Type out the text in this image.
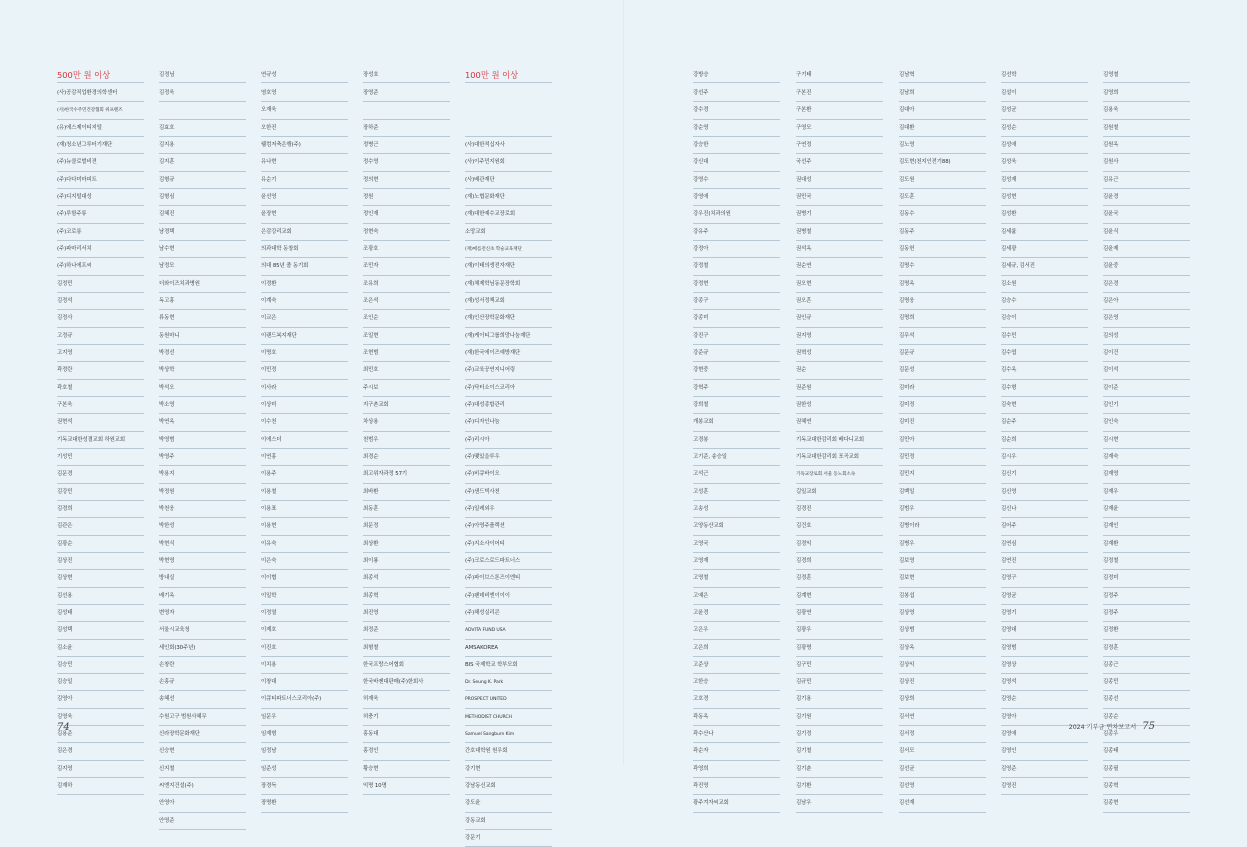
500만 원 이상
(사)공감직업환경의학센터
(사)한국수주민건강협회 위프렌즈
(유)에스제이티지털
(재)청소년그루터기재단
(주)뉴클로벌비젼
(주)다다미마피트
(주)디지털대성
(주)루함주류
(주)코로롱
(주)파마리서치
(주)하나에프씨
김정민
김정석
김정사
고정규
고지영
곽정란
곽호철
구본욱
권현석
기독교대한성결교회 하원교회
기성민
김문경
김강민
김경희
김관은
김광순
김상진
김상현
김선용
김성태
김성택
김소윤
김승민
김승일
김영아
김영욱
김용준
김은경
김지영
김재하
김정님
김정욱
김효호
김지용
김지훈
김형규
김형심
김혜진
남경택
남수현
남정모
더와이즈치과병원
독고홍
류동현
동원마니
박경선
박상학
박석오
박소영
박연옥
박영범
박영주
박용지
박정원
박천웅
박한성
박현식
박현영
방내실
배기옥
변영자
서울시교육청
세인회(30주년)
손창란
손홍규
송혜선
수원고구 범원사혜무
신라장학문화재단
신승현
신지철
씨엔지건설(주)
안영아
안영준
연규성
염호영
오재욱
오한진
웰컴저축은행(주)
유나현
유순기
윤선영
윤장현
은감강리교회
의과대학 동창회
의대 85년 졸 동기회
이경환
이계숙
이교은
이랜드복지재단
이명호
이민정
이사라
이상미
이수천
이에스더
이연홍
이용주
이용철
이용표
이용현
이유숙
이은숙
이이협
이일학
이정열
이제호
이진호
이치용
이창대
이큐티파트너스코리아(주)
임문우
임재형
임정남
임준성
장경득
장명환
장성호
장영준
장하준
정병근
정수영
정의현
정원
정인재
정현숙
조광호
조민자
조유희
조은석
조인순
조일현
조현범
최민호
주시보
지구촌교회
차상용
천범우
최경순
최고위자과정 57기
최바환
최동훈
최문정
최상환
최이룡
최종석
최종혁
최진영
최정준
최형철
한국프랑스어협회
한국바젠대판매(주)한회사
허재욱
허충기
홍동대
홍정인
황승현
익명 10명
100만 원 이상
(사)대한적십자사
(사)이주민지원회
(사)배관재단
(재)노협문화재단
(재)대한예수교장로회
소망교회
(재)메를전신초 학술교육재단
(재)이태의생전자재단
(재)체제학님동문장학회
(재)성서정책교회
(재)인산장학문화재단
(재)케이티그룹희망나눔재단
(재)한국에이즈예방재단
(주)교육공연지니어링
(주)닥터소이스코리아
(주)대성종합관리
(주)디자인나눔
(주)리시아
(주)맺있을루우
(주)비큐바이오
(주)샌드빅사천
(주)일레외우
(주)아영주플랙션
(주)지소사이어티
(주)크로스로드파트너스
(주)파이브스톤즈이엔티
(주)팬데비엔이이이
(주)해성실리콘
ADVITA FUND USA
AMSAKOREA
BIS 국제학교 학부모회
Dr. Seung K. Park
PROSPECT UNITED
METHODIST CHURCH
Samuel Sangburn Kim
간호대학원 원우회
강기현
강남동신교회
강도윤
강동교회
강문기
강방승
강선주
강수경
강순영
강승한
강신대
강영수
강영애
강우진(치과의원
강유주
강정아
강정철
강정현
강종구
강종미
강진구
강준규
강현중
강혁주
강희철
개봉교회
고경봉
고기준, 송승일
고석근
고성훈
고송성
고양동산교회
고영국
고영재
고영철
고예은
고윤경
고은우
고은희
고준상
고한승
고호경
곽동옥
곽수산나
곽순자
곽영희
곽진영
광주겨자씨교회
구기태
구본진
구본환
구영모
구연정
국선주
권대성
권민국
권병기
권병철
권석옥
권순연
권오현
권오흔
권인규
권지영
권혁성
권순
권준원
권한성
권혜연
기독교대한감리회 베다니교회
기독교대한감리회 포곡교회
기독교장로회 서울 동노회소속
길일교회
김경진
김건호
김경익
김경희
김경훈
김계현
김광연
김광우
김광명
김구민
김규민
김기용
김기원
김기정
김기철
김기춘
김기환
김남우
김남혁
김남희
김대아
김대환
김노영
김도현(천지인전기88)
김도원
김도훈
김동수
김동주
김동헌
김명수
김명옥
김명웅
김명희
김무석
김문규
김문성
김미라
김미정
김미진
김민아
김민정
김민지
김백일
김범우
김병이라
김병우
김보영
김보현
김봉섭
김상영
김상범
김상옥
김상익
김상진
김상희
김서연
김서정
김서모
김선균
김선영
김선재
김선학
김설이
김성균
김성순
김성애
김성욱
김성재
김성현
김성환
김세륨
김세광
김세규, 김서진
김소원
김승수
김승이
김수민
김수엽
김수옥
김수형
김숙현
김순주
김순희
김시우
김신기
김신영
김신나
김어주
김연심
김연진
김영구
김영균
김영기
김영대
김영범
김영상
김영석
김영순
김영아
김영애
김영인
김영준
김영진
김영철
김영희
김용욱
김원철
김원옥
김원사
김유근
김윤경
김윤국
김윤식
김윤제
김윤중
김은경
김은아
김은영
김의성
김이건
김이석
김이준
김인기
김인숙
김시현
김재숙
김재영
김재우
김재윤
김재인
김재환
김정철
김정미
김정주
김정주
김정환
김정훈
김종근
김종민
김종선
김종순
김종우
김종태
김종필
김종혁
김종현
74	2024 기부금 연차보고서 75
